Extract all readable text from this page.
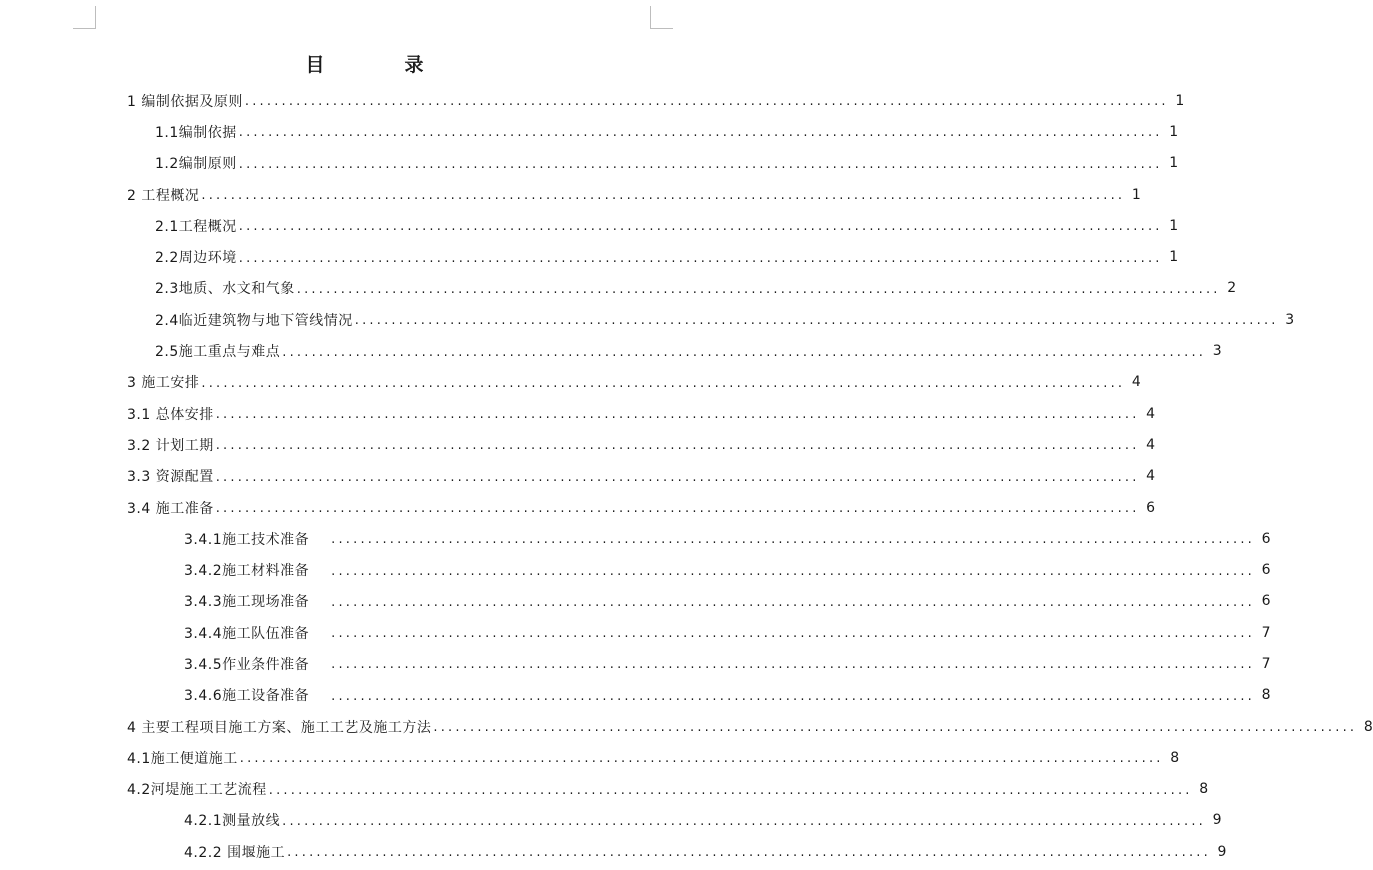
目        录
1 编制依据及原则 .............................................................................................................................. 1
1.1编制依据 .............................................................................................................................. 1
1.2编制原则 .............................................................................................................................. 1
2 工程概况 .............................................................................................................................. 1
2.1工程概况 .............................................................................................................................. 1
2.2周边环境 .............................................................................................................................. 1
2.3地质、水文和气象 .............................................................................................................................. 2
2.4临近建筑物与地下管线情况 .............................................................................................................................. 3
2.5施工重点与难点 .............................................................................................................................. 3
3 施工安排 .............................................................................................................................. 4
3.1 总体安排 .............................................................................................................................. 4
3.2 计划工期 .............................................................................................................................. 4
3.3 资源配置 .............................................................................................................................. 4
3.4 施工准备 .............................................................................................................................. 6
3.4.1施工技术准备 .............................................................................................................................. 6
3.4.2施工材料准备 .............................................................................................................................. 6
3.4.3施工现场准备 .............................................................................................................................. 6
3.4.4施工队伍准备 .............................................................................................................................. 7
3.4.5作业条件准备 .............................................................................................................................. 7
3.4.6施工设备准备 .............................................................................................................................. 8
4 主要工程项目施工方案、施工工艺及施工方法 .............................................................................................................................. 8
4.1施工便道施工 .............................................................................................................................. 8
4.2河堤施工工艺流程 .............................................................................................................................. 8
4.2.1测量放线 .............................................................................................................................. 9
4.2.2 围堰施工 .............................................................................................................................. 9
